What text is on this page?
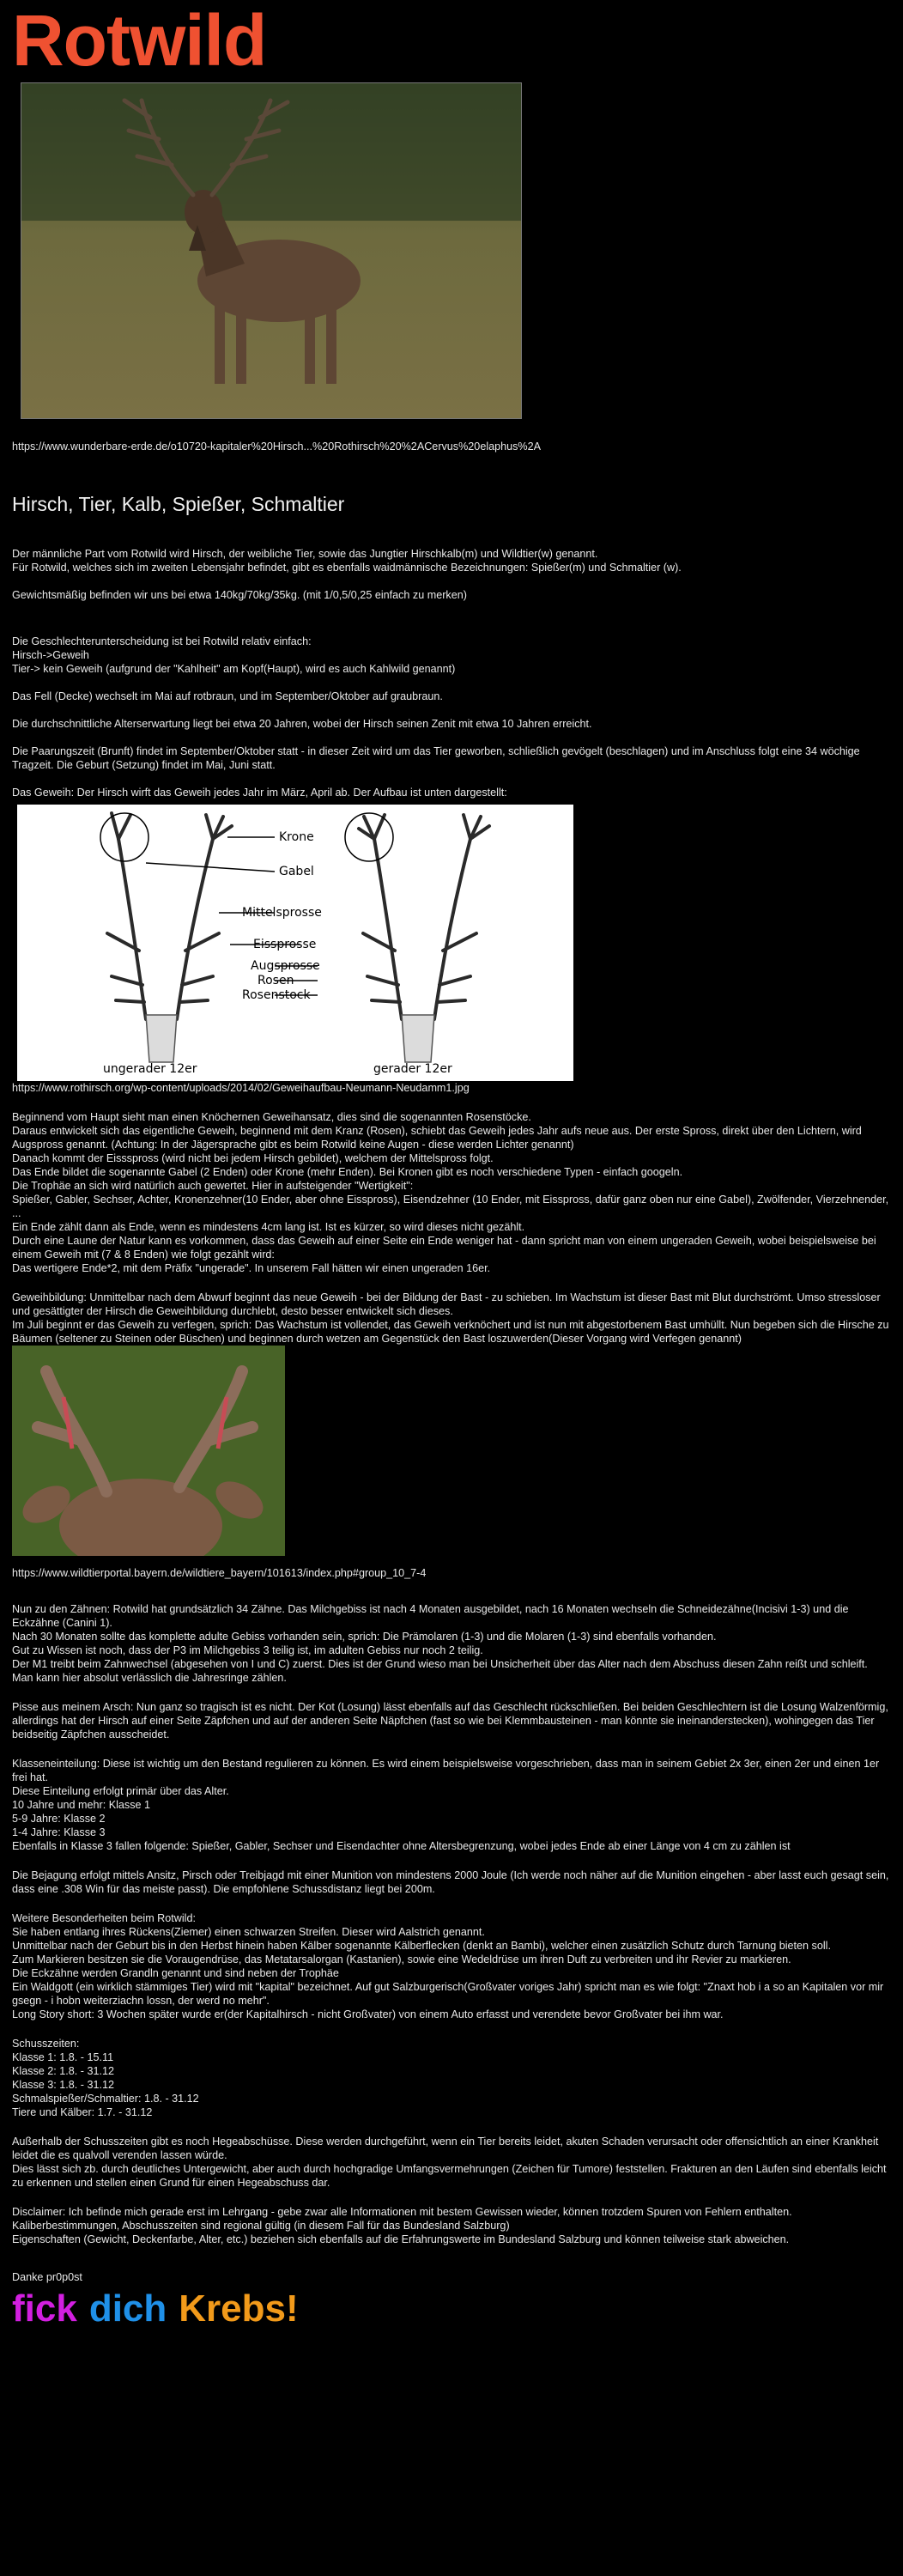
Rotwild

https://www.wunderbare-erde.de/o10720-kapitaler%20Hirsch...%20Rothirsch%20%2ACervus%20elaphus%2A

Hirsch, Tier, Kalb, Spießer, Schmaltier

Der männliche Part vom Rotwild wird Hirsch, der weibliche Tier, sowie das Jungtier Hirschkalb(m) und Wildtier(w) genannt.
Für Rotwild, welches sich im zweiten Lebensjahr befindet, gibt es ebenfalls waidmännische Bezeichnungen: Spießer(m) und Schmaltier (w).

Gewichtsmäßig befinden wir uns bei etwa 140kg/70kg/35kg. (mit 1/0,5/0,25 einfach zu merken)

Die Geschlechterunterscheidung ist bei Rotwild relativ einfach:
Hirsch->Geweih
Tier-> kein Geweih (aufgrund der "Kahlheit" am Kopf(Haupt), wird es auch Kahlwild genannt)

Das Fell (Decke) wechselt im Mai auf rotbraun, und im September/Oktober auf graubraun.

Die durchschnittliche Alterserwartung liegt bei etwa 20 Jahren, wobei der Hirsch seinen Zenit mit etwa 10 Jahren erreicht.

Die Paarungszeit (Brunft) findet im September/Oktober statt - in dieser Zeit wird um das Tier geworben, schließlich gevögelt (beschlagen) und im Anschluss folgt eine 34 wöchige Tragzeit. Die Geburt (Setzung) findet im Mai, Juni statt.

Das Geweih: Der Hirsch wirft das Geweih jedes Jahr im März, April ab. Der Aufbau ist unten dargestellt:

Krone
Gabel
Mittelsprosse
Eissprosse
Augsprosse
Rosen
Rosenstock
ungerader 12er	gerader 12er

https://www.rothirsch.org/wp-content/uploads/2014/02/Geweihaufbau-Neumann-Neudamm1.jpg

Beginnend vom Haupt sieht man einen Knöchernen Geweihansatz, dies sind die sogenannten Rosenstöcke.
Daraus entwickelt sich das eigentliche Geweih, beginnend mit dem Kranz (Rosen), schiebt das Geweih jedes Jahr aufs neue aus. Der erste Spross, direkt über den Lichtern, wird Augspross genannt. (Achtung: In der Jägersprache gibt es beim Rotwild keine Augen - diese werden Lichter genannt)
Danach kommt der Eissspross (wird nicht bei jedem Hirsch gebildet), welchem der Mittelspross folgt.
Das Ende bildet die sogenannte Gabel (2 Enden) oder Krone (mehr Enden). Bei Kronen gibt es noch verschiedene Typen - einfach googeln.
Die Trophäe an sich wird natürlich auch gewertet. Hier in aufsteigender "Wertigkeit":
Spießer, Gabler, Sechser, Achter, Kronenzehner(10 Ender, aber ohne Eisspross), Eisendzehner (10 Ender, mit Eisspross, dafür ganz oben nur eine Gabel), Zwölfender, Vierzehnender, ...
Ein Ende zählt dann als Ende, wenn es mindestens 4cm lang ist. Ist es kürzer, so wird dieses nicht gezählt.
Durch eine Laune der Natur kann es vorkommen, dass das Geweih auf einer Seite ein Ende weniger hat - dann spricht man von einem ungeraden Geweih, wobei beispielsweise bei einem Geweih mit (7 & 8 Enden) wie folgt gezählt wird:
Das wertigere Ende*2, mit dem Präfix "ungerade". In unserem Fall hätten wir einen ungeraden 16er.

Geweihbildung: Unmittelbar nach dem Abwurf beginnt das neue Geweih - bei der Bildung der Bast - zu schieben. Im Wachstum ist dieser Bast mit Blut durchströmt. Umso stressloser und gesättigter der Hirsch die Geweihbildung durchlebt, desto besser entwickelt sich dieses.
Im Juli beginnt er das Geweih zu verfegen, sprich: Das Wachstum ist vollendet, das Geweih verknöchert und ist nun mit abgestorbenem Bast umhüllt. Nun begeben sich die Hirsche zu Bäumen (seltener zu Steinen oder Büschen) und beginnen durch wetzen am Gegenstück den Bast loszuwerden(Dieser Vorgang wird Verfegen genannt)

https://www.wildtierportal.bayern.de/wildtiere_bayern/101613/index.php#group_10_7-4

Nun zu den Zähnen: Rotwild hat grundsätzlich 34 Zähne. Das Milchgebiss ist nach 4 Monaten ausgebildet, nach 16 Monaten wechseln die Schneidezähne(Incisivi 1-3) und die Eckzähne (Canini 1).
Nach 30 Monaten sollte das komplette adulte Gebiss vorhanden sein, sprich: Die Prämolaren (1-3) und die Molaren (1-3) sind ebenfalls vorhanden.
Gut zu Wissen ist noch, dass der P3 im Milchgebiss 3 teilig ist, im adulten Gebiss nur noch 2 teilig.
Der M1 treibt beim Zahnwechsel (abgesehen von I und C) zuerst. Dies ist der Grund wieso man bei Unsicherheit über das Alter nach dem Abschuss diesen Zahn reißt und schleift. Man kann hier absolut verlässlich die Jahresringe zählen.

Pisse aus meinem Arsch: Nun ganz so tragisch ist es nicht. Der Kot (Losung) lässt ebenfalls auf das Geschlecht rückschließen. Bei beiden Geschlechtern ist die Losung Walzenförmig, allerdings hat der Hirsch auf einer Seite Zäpfchen und auf der anderen Seite Näpfchen (fast so wie bei Klemmbausteinen - man könnte sie ineinanderstecken), wohingegen das Tier beidseitig Zäpfchen ausscheidet.

Klasseneinteilung: Diese ist wichtig um den Bestand regulieren zu können. Es wird einem beispielsweise vorgeschrieben, dass man in seinem Gebiet 2x 3er, einen 2er und einen 1er frei hat.
Diese Einteilung erfolgt primär über das Alter.
10 Jahre und mehr: Klasse 1
5-9 Jahre: Klasse 2
1-4 Jahre: Klasse 3
Ebenfalls in Klasse 3 fallen folgende: Spießer, Gabler, Sechser und Eisendachter ohne Altersbegrenzung, wobei jedes Ende ab einer Länge von 4 cm zu zählen ist

Die Bejagung erfolgt mittels Ansitz, Pirsch oder Treibjagd mit einer Munition von mindestens 2000 Joule (Ich werde noch näher auf die Munition eingehen - aber lasst euch gesagt sein, dass eine .308 Win für das meiste passt). Die empfohlene Schussdistanz liegt bei 200m.

Weitere Besonderheiten beim Rotwild:
Sie haben entlang ihres Rückens(Ziemer) einen schwarzen Streifen. Dieser wird Aalstrich genannt.
Unmittelbar nach der Geburt bis in den Herbst hinein haben Kälber sogenannte Kälberflecken (denkt an Bambi), welcher einen zusätzlich Schutz durch Tarnung bieten soll.
Zum Markieren besitzen sie die Voraugendrüse, das Metatarsalorgan (Kastanien), sowie eine Wedeldrüse um ihren Duft zu verbreiten und ihr Revier zu markieren.
Die Eckzähne werden Grandln genannt und sind neben der Trophäe
Ein Waldgott (ein wirklich stämmiges Tier) wird mit "kapital" bezeichnet. Auf gut Salzburgerisch(Großvater voriges Jahr) spricht man es wie folgt: "Znaxt hob i a so an Kapitalen vor mir gsegn - i hobn weiterziachn lossn, der werd no mehr".
Long Story short: 3 Wochen später wurde er(der Kapitalhirsch - nicht Großvater) von einem Auto erfasst und verendete bevor Großvater bei ihm war.

Schusszeiten:
Klasse 1: 1.8. - 15.11
Klasse 2: 1.8. - 31.12
Klasse 3: 1.8. - 31.12
Schmalspießer/Schmaltier: 1.8. - 31.12
Tiere und Kälber: 1.7. - 31.12

Außerhalb der Schusszeiten gibt es noch Hegeabschüsse. Diese werden durchgeführt, wenn ein Tier bereits leidet, akuten Schaden verursacht oder offensichtlich an einer Krankheit leidet die es qualvoll verenden lassen würde.
Dies lässt sich zb. durch deutliches Untergewicht, aber auch durch hochgradige Umfangsvermehrungen (Zeichen für Tumore) feststellen. Frakturen an den Läufen sind ebenfalls leicht zu erkennen und stellen einen Grund für einen Hegeabschuss dar.

Disclaimer: Ich befinde mich gerade erst im Lehrgang - gebe zwar alle Informationen mit bestem Gewissen wieder, können trotzdem Spuren von Fehlern enthalten. Kaliberbestimmungen, Abschusszeiten sind regional gültig (in diesem Fall für das Bundesland Salzburg)
Eigenschaften (Gewicht, Deckenfarbe, Alter, etc.) beziehen sich ebenfalls auf die Erfahrungswerte im Bundesland Salzburg und können teilweise stark abweichen.

Danke pr0p0st

fick dich Krebs!
